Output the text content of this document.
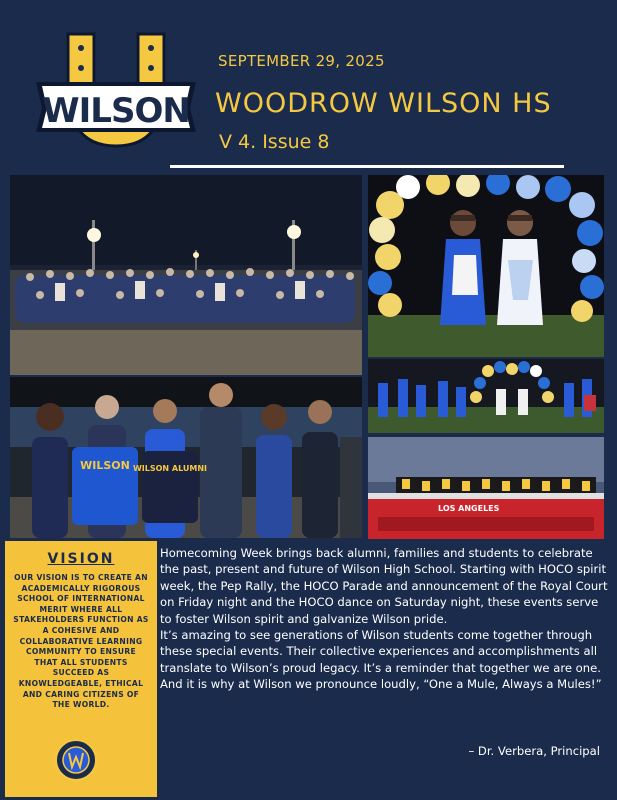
WILSON
SEPTEMBER 29, 2025
WOODROW WILSON HS
V 4. Issue 8
WILSON WILSON ALUMNI
LOS ANGELES
VISION
OUR VISION IS TO CREATE AN ACADEMICALLY RIGOROUS SCHOOL OF INTERNATIONAL MERIT WHERE ALL STAKEHOLDERS FUNCTION AS A COHESIVE AND COLLABORATIVE LEARNING COMMUNITY TO ENSURE THAT ALL STUDENTS SUCCEED AS KNOWLEDGEABLE, ETHICAL AND CARING CITIZENS OF THE WORLD.

Homecoming Week brings back alumni, families and students to celebrate the past, present and future of Wilson High School. Starting with HOCO spirit week, the Pep Rally, the HOCO Parade and announcement of the Royal Court on Friday night and the HOCO dance on Saturday night, these events serve to foster Wilson spirit and galvanize Wilson pride.

It’s amazing to see generations of Wilson students come together through these special events. Their collective experiences and accomplishments all translate to Wilson’s proud legacy. It’s a reminder that together we are one. And it is why at Wilson we pronounce loudly, “One a Mule, Always a Mules!”

– Dr. Verbera, Principal
